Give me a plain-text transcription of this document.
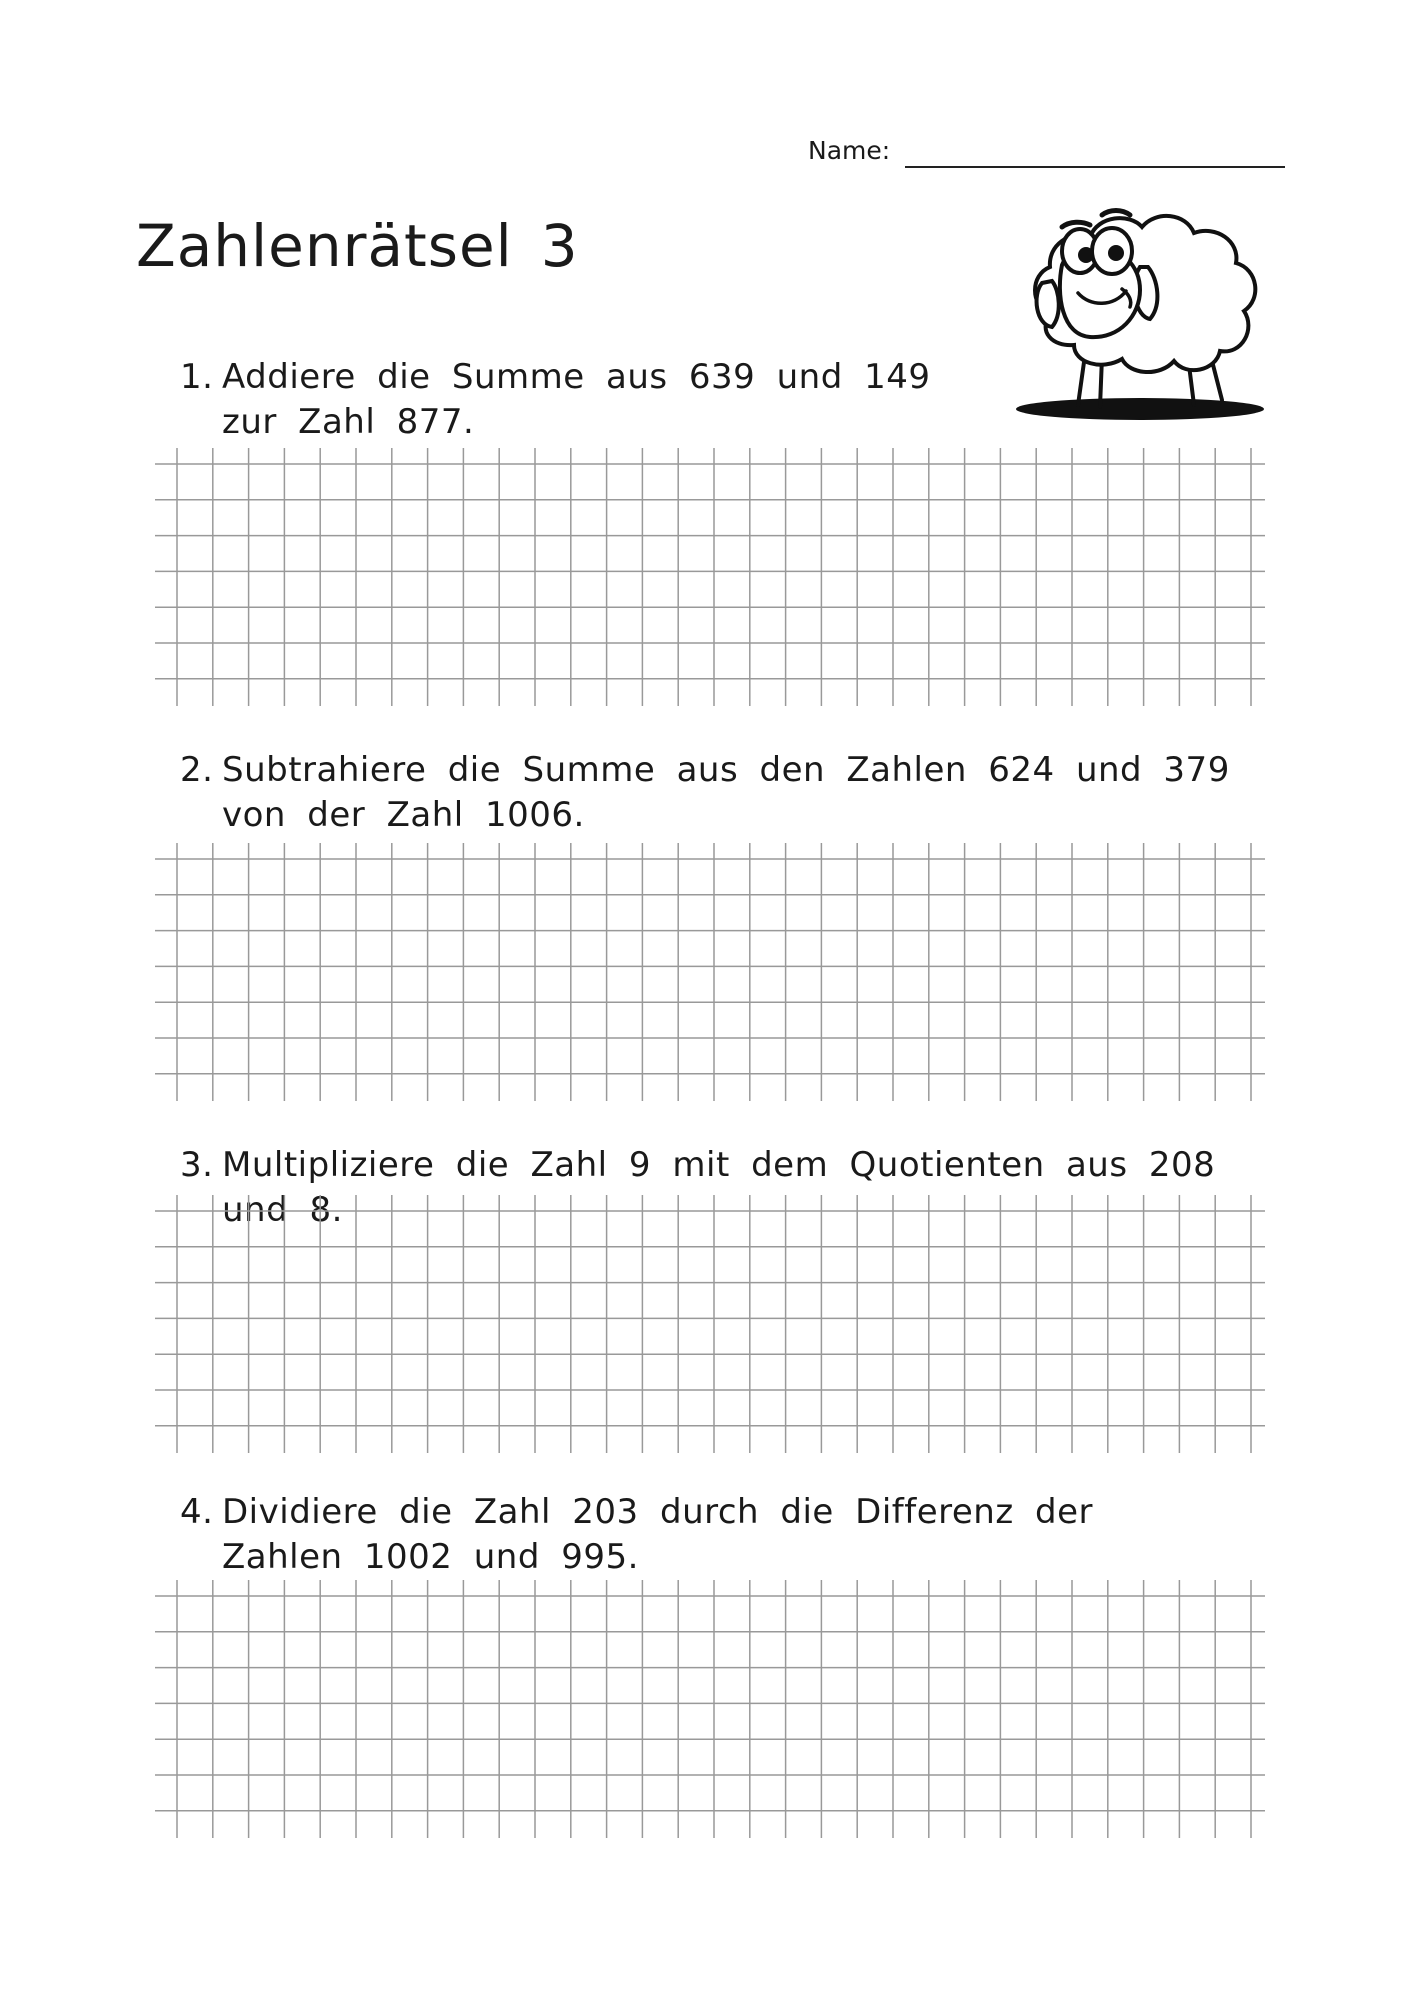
Name:
Zahlenrätsel 3
1. Addiere die Summe aus 639 und 149 zur Zahl 877.
2. Subtrahiere die Summe aus den Zahlen 624 und 379 von der Zahl 1006.
3. Multipliziere die Zahl 9 mit dem Quotienten aus 208 und 8.
4. Dividiere die Zahl 203 durch die Differenz der Zahlen 1002 und 995.
